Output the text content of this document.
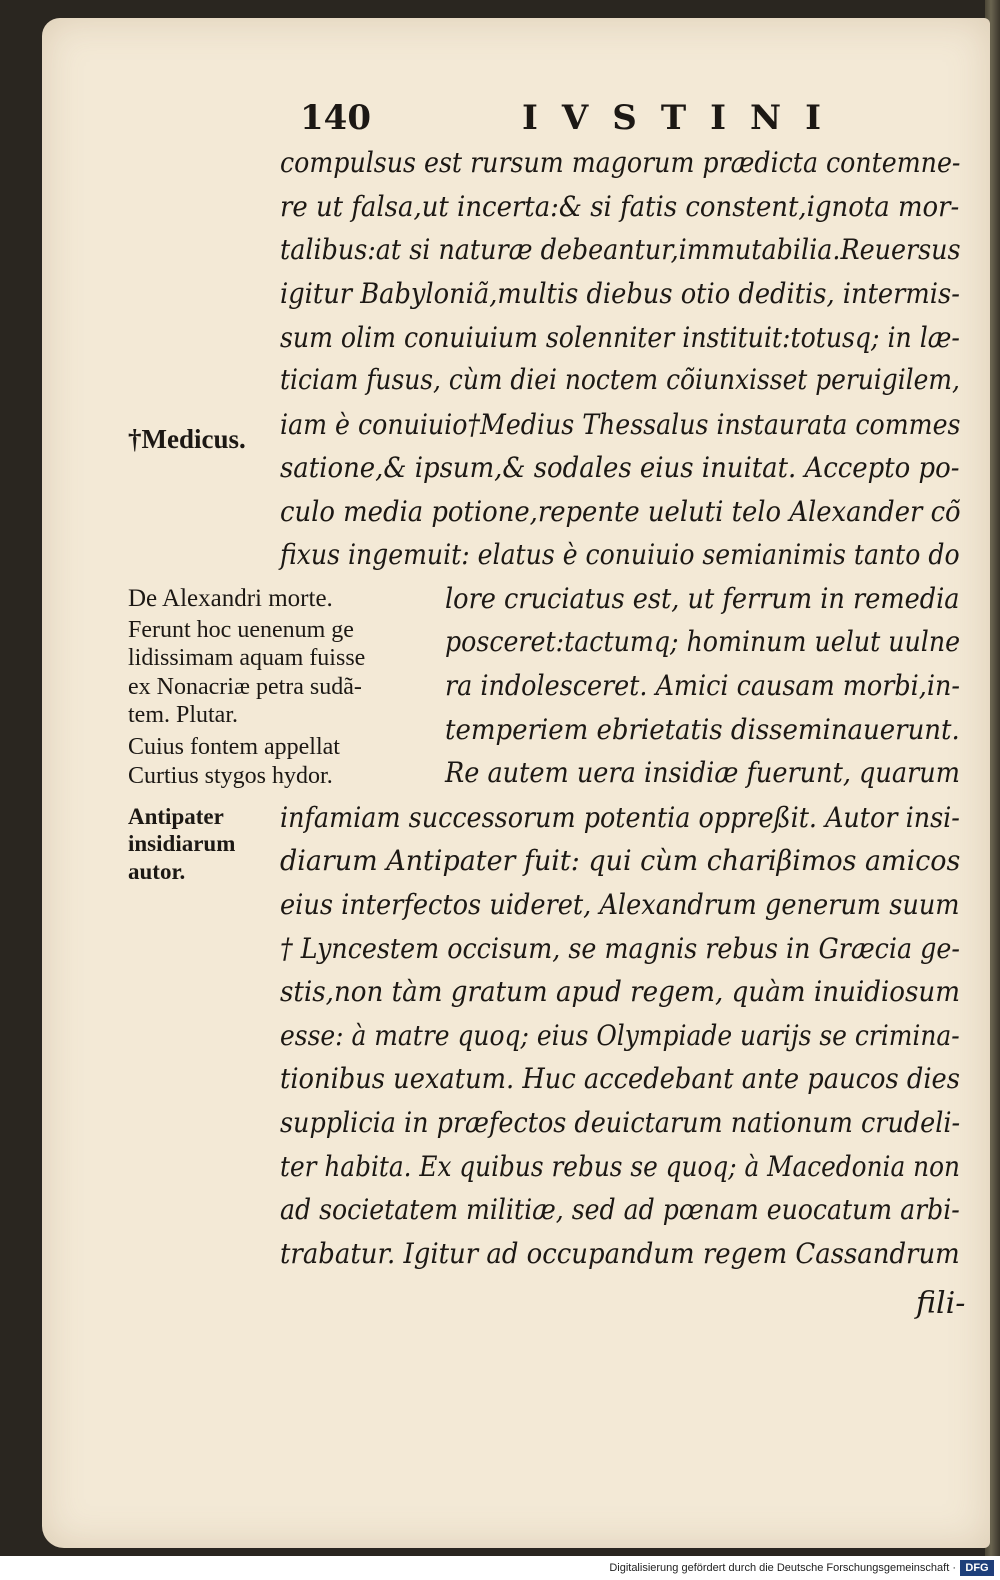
140	IVSTINI
compulsus est rursum magorum prædicta contemne-
re ut falsa,ut incerta:& si fatis constent,ignota mor-
talibus:at si naturæ debeantur,immutabilia.Reuersus
igitur Babyloniã,multis diebus otio deditis, intermis-
sum olim conuiuium solenniter instituit:totusq; in læ-
ticiam fusus, cùm diei noctem cõiunxisset peruigilem,
iam è conuiuio†Medius Thessalus instaurata commes
satione,& ipsum,& sodales eius inuitat. Accepto po-
culo media potione,repente ueluti telo Alexander cõ
fixus ingemuit: elatus è conuiuio semianimis tanto do
lore cruciatus est, ut ferrum in remedia
posceret:tactumq; hominum uelut uulne
ra indolesceret. Amici causam morbi,in-
temperiem ebrietatis disseminauerunt.
Re autem uera insidiæ fuerunt, quarum
infamiam successorum potentia oppreßit. Autor insi-
diarum Antipater fuit: qui cùm chariβimos amicos
eius interfectos uideret, Alexandrum generum suum
† Lyncestem occisum, se magnis rebus in Græcia ge-
stis,non tàm gratum apud regem, quàm inuidiosum
esse: à matre quoq; eius Olympiade uarijs se crimina-
tionibus uexatum. Huc accedebant ante paucos dies
supplicia in præfectos deuictarum nationum crudeli-
ter habita. Ex quibus rebus se quoq; à Macedonia non
ad societatem militiæ, sed ad pœnam euocatum arbi-
trabatur. Igitur ad occupandum regem Cassandrum
fili-
†Medicus.
De Alexandri morte.
Ferunt hoc uenenum ge
lidissimam aquam fuisse
ex Nonacriæ petra sudã-
tem. Plutar.
Cuius fontem appellat
Curtius stygos hydor.
Antipater
insidiarum
autor.
Digitalisierung gefördert durch die Deutsche Forschungsgemeinschaft · DFG
